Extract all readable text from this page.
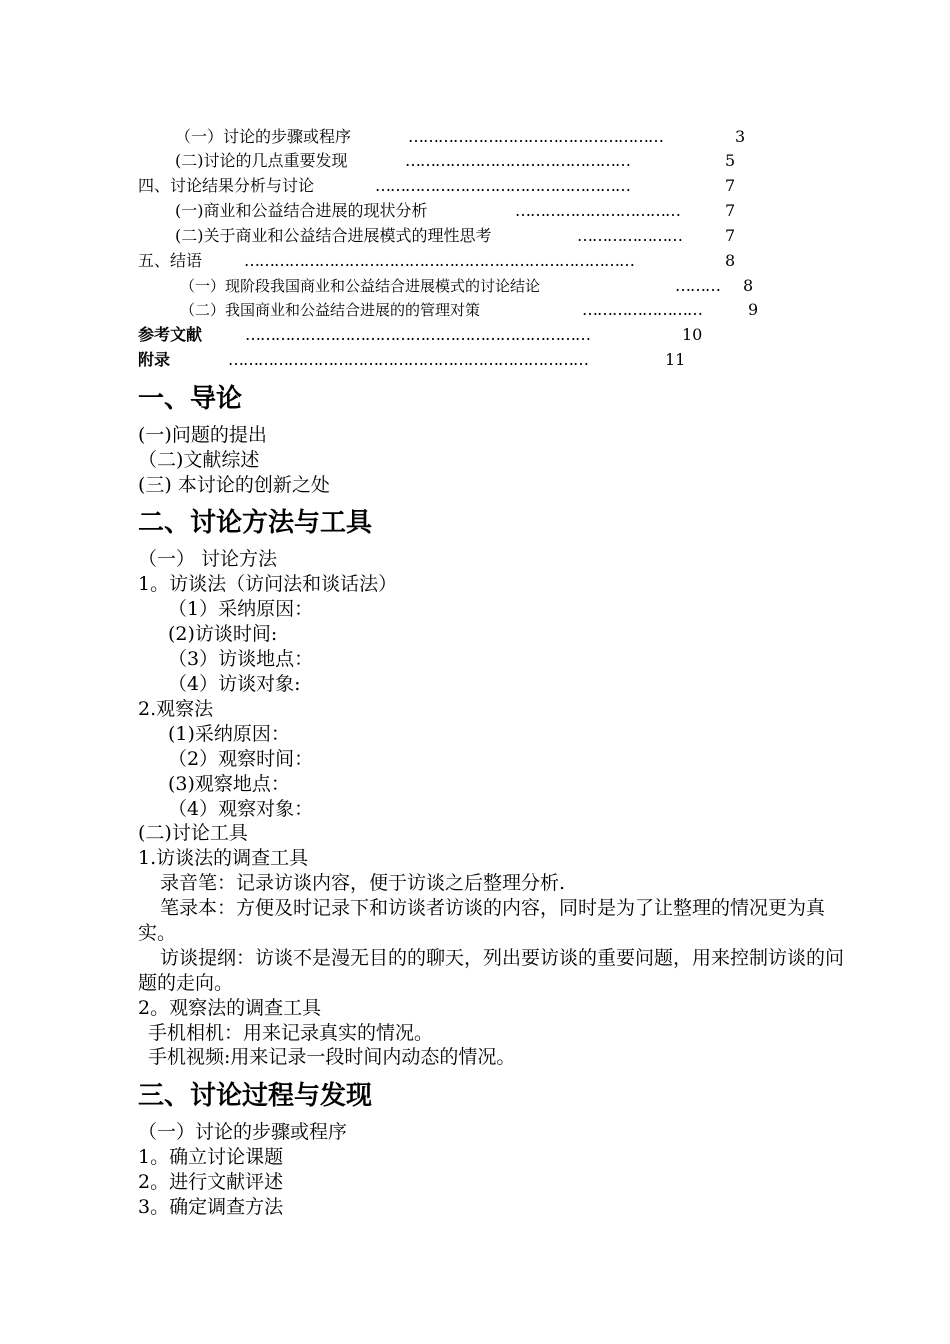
（一）讨论的步骤或程序	……………………………………………	3
(二)讨论的几点重要发现	………………………………………	5
四、讨论结果分析与讨论	……………………………………………	7
(一)商业和公益结合进展的现状分析	……………………………	7
(二)关于商业和公益结合进展模式的理性思考	…………………	7
五、结语	……………………………………………………………………	8
（一）现阶段我国商业和公益结合进展模式的讨论结论	……… 8
（二）我国商业和公益结合进展的的管理对策	……………………	9
参考文献	……………………………………………………………	10
附录	………………………………………………………………	11
一、导论
(一)问题的提出
（二)文献综述
(三) 本讨论的创新之处
二、讨论方法与工具
（一） 讨论方法
1。访谈法（访问法和谈话法）
（1）采纳原因：
(2)访谈时间:
（3）访谈地点：
（4）访谈对象:
2.观察法
(1)采纳原因：
（2）观察时间：
(3)观察地点：
（4）观察对象：
(二)讨论工具
1.访谈法的调查工具
录音笔：记录访谈内容，便于访谈之后整理分析.
笔录本：方便及时记录下和访谈者访谈的内容，同时是为了让整理的情况更为真实。
访谈提纲：访谈不是漫无目的的聊天，列出要访谈的重要问题，用来控制访谈的问题的走向。
2。观察法的调查工具
手机相机：用来记录真实的情况。
手机视频:用来记录一段时间内动态的情况。
三、讨论过程与发现
（一）讨论的步骤或程序
1。确立讨论课题
2。进行文献评述
3。确定调查方法
